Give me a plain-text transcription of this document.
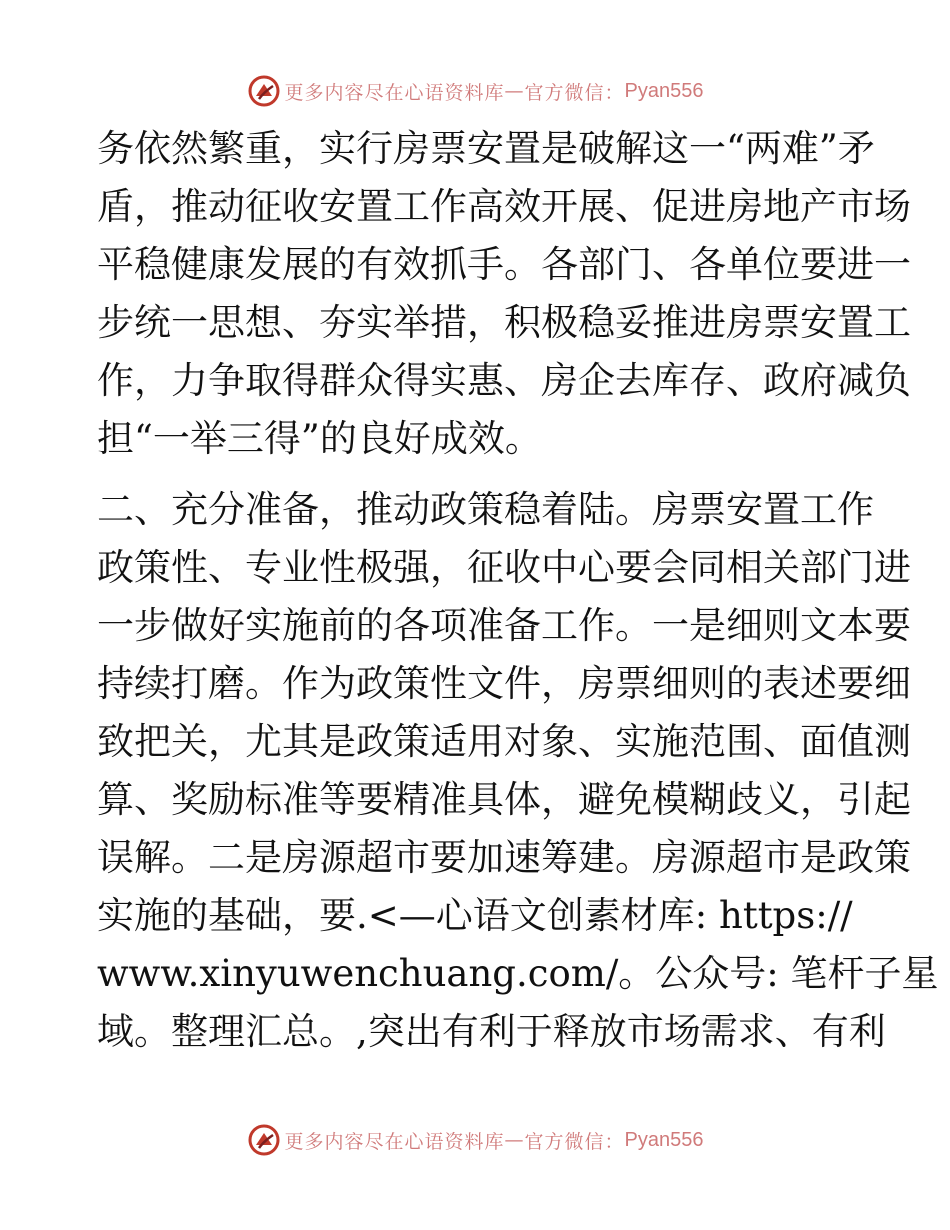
更多内容尽在心语资料库 — 官方微信： Pyan556
务依然繁重，实行房票安置是破解这一“两难”矛
盾，推动征收安置工作高效开展、促进房地产市场
平稳健康发展的有效抓手。各部门、各单位要进一
步统一思想、夯实举措，积极稳妥推进房票安置工
作，力争取得群众得实惠、房企去库存、政府减负
担“一举三得”的良好成效。
二、充分准备，推动政策稳着陆。房票安置工作
政策性、专业性极强，征收中心要会同相关部门进
一步做好实施前的各项准备工作。一是细则文本要
持续打磨。作为政策性文件，房票细则的表述要细
致把关，尤其是政策适用对象、实施范围、面值测
算、奖励标准等要精准具体，避免模糊歧义，引起
误解。二是房源超市要加速筹建。房源超市是政策
实施的基础，要.<—心语文创素材库: https://
www.xinyuwenchuang.com/。公众号: 笔杆子星
域。整理汇总。,突出有利于释放市场需求、有利
更多内容尽在心语资料库 — 官方微信： Pyan556
